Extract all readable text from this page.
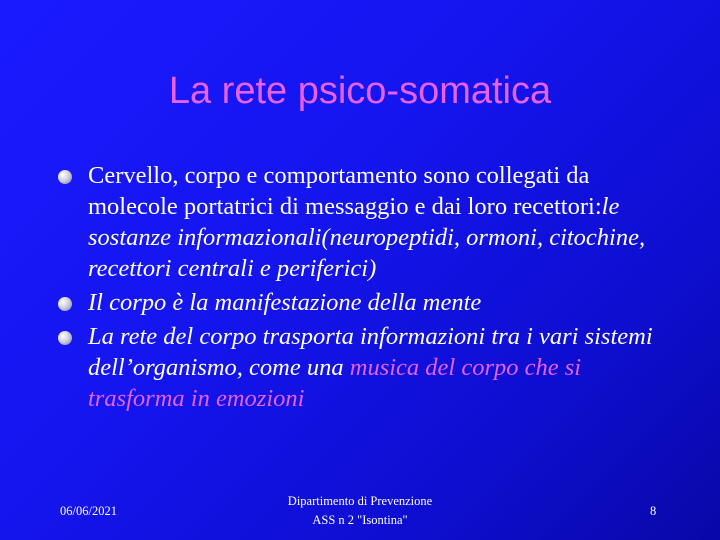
La rete psico-somatica
Cervello, corpo e comportamento sono collegati da molecole portatrici di messaggio e dai loro recettori:le sostanze informazionali(neuropeptidi, ormoni, citochine, recettori centrali e periferici)
Il corpo è la manifestazione della mente
La rete del corpo trasporta informazioni tra i vari sistemi dell’organismo, come una musica del corpo che si trasforma in emozioni
06/06/2021
Dipartimento di Prevenzione
ASS n 2 "Isontina"
8
